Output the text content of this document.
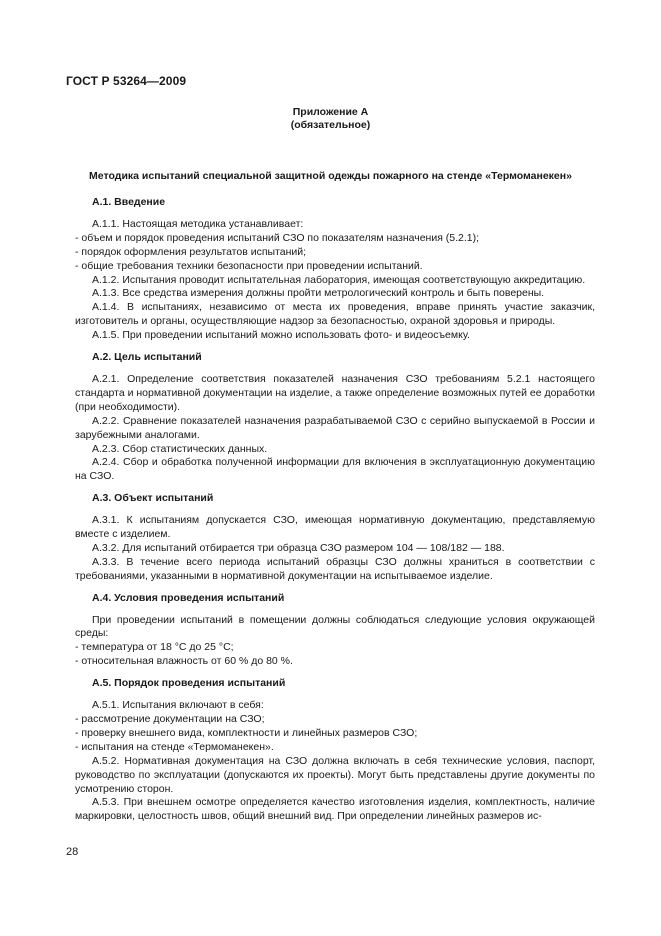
ГОСТ Р 53264—2009
Приложение А
(обязательное)
Методика испытаний специальной защитной одежды пожарного на стенде «Термоманекен»
А.1. Введение

А.1.1. Настоящая методика устанавливает:

- объем и порядок проведения испытаний СЗО по показателям назначения (5.2.1);

- порядок оформления результатов испытаний;

- общие требования техники безопасности при проведении испытаний.

А.1.2. Испытания проводит испытательная лаборатория, имеющая соответствующую аккредитацию.

А.1.3. Все средства измерения должны пройти метрологический контроль и быть поверены.

А.1.4. В испытаниях, независимо от места их проведения, вправе принять участие заказчик, изготовитель и органы, осуществляющие надзор за безопасностью, охраной здоровья и природы.

А.1.5. При проведении испытаний можно использовать фото- и видеосъемку.

А.2. Цель испытаний

А.2.1. Определение соответствия показателей назначения СЗО требованиям 5.2.1 настоящего стандарта и нормативной документации на изделие, а также определение возможных путей ее доработки (при необходимости).

А.2.2. Сравнение показателей назначения разрабатываемой СЗО с серийно выпускаемой в России и зарубежными аналогами.

А.2.3. Сбор статистических данных.

А.2.4. Сбор и обработка полученной информации для включения в эксплуатационную документацию на СЗО.

А.3. Объект испытаний

А.3.1. К испытаниям допускается СЗО, имеющая нормативную документацию, представляемую вместе с изделием.

А.3.2. Для испытаний отбирается три образца СЗО размером 104 — 108/182 — 188.

А.3.3. В течение всего периода испытаний образцы СЗО должны храниться в соответствии с требованиями, указанными в нормативной документации на испытываемое изделие.

А.4. Условия проведения испытаний

При проведении испытаний в помещении должны соблюдаться следующие условия окружающей среды:

- температура от 18 °С до 25 °С;

- относительная влажность от 60 % до 80 %.

А.5. Порядок проведения испытаний

А.5.1. Испытания включают в себя:

- рассмотрение документации на СЗО;

- проверку внешнего вида, комплектности и линейных размеров СЗО;

- испытания на стенде «Термоманекен».

А.5.2. Нормативная документация на СЗО должна включать в себя технические условия, паспорт, руководство по эксплуатации (допускаются их проекты). Могут быть представлены другие документы по усмотрению сторон.

А.5.3. При внешнем осмотре определяется качество изготовления изделия, комплектность, наличие маркировки, целостность швов, общий внешний вид. При определении линейных размеров ис-

28
